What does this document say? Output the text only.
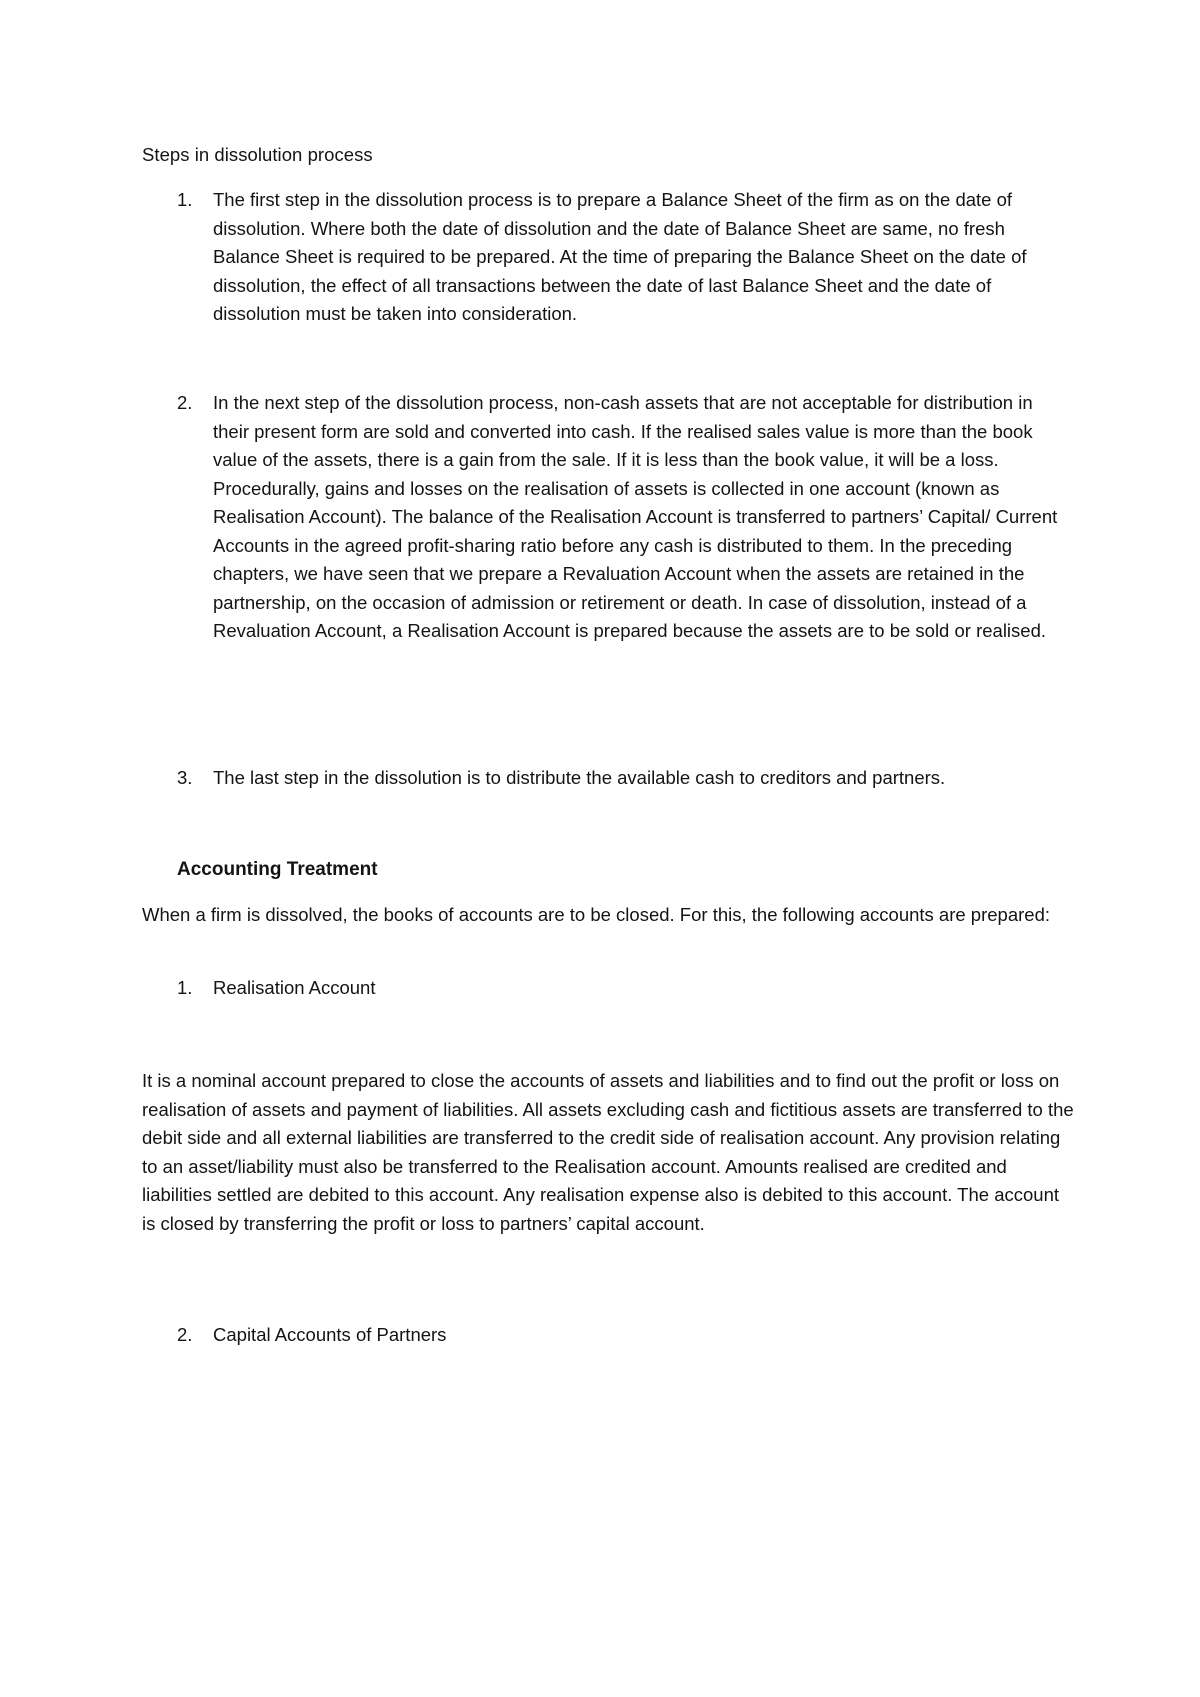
Steps in dissolution process
1.	The first step in the dissolution process is to prepare a Balance Sheet of the firm as on the date of dissolution. Where both the date of dissolution and the date of Balance Sheet are same, no fresh Balance Sheet is required to be prepared. At the time of preparing the Balance Sheet on the date of dissolution, the effect of all transactions between the date of last Balance Sheet and the date of dissolution must be taken into consideration.
2.	In the next step of the dissolution process, non-cash assets that are not acceptable for distribution in their present form are sold and converted into cash. If the realised sales value is more than the book value of the assets, there is a gain from the sale. If it is less than the book value, it will be a loss. Procedurally, gains and losses on the realisation of assets is collected in one account (known as Realisation Account). The balance of the Realisation Account is transferred to partners’ Capital/ Current Accounts in the agreed profit-sharing ratio before any cash is distributed to them. In the preceding chapters, we have seen that we prepare a Revaluation Account when the assets are retained in the partnership, on the occasion of admission or retirement or death. In case of dissolution, instead of a Revaluation Account, a Realisation Account is prepared because the assets are to be sold or realised.
3.	The last step in the dissolution is to distribute the available cash to creditors and partners.
Accounting Treatment
When a firm is dissolved, the books of accounts are to be closed. For this, the following accounts are prepared:
1.	Realisation Account
It is a nominal account prepared to close the accounts of assets and liabilities and to find out the profit or loss on realisation of assets and payment of liabilities. All assets excluding cash and fictitious assets are transferred to the debit side and all external liabilities are transferred to the credit side of realisation account. Any provision relating to an asset/liability must also be transferred to the Realisation account. Amounts realised are credited and liabilities settled are debited to this account. Any realisation expense also is debited to this account. The account is closed by transferring the profit or loss to partners’ capital account.
2.	Capital Accounts of Partners
